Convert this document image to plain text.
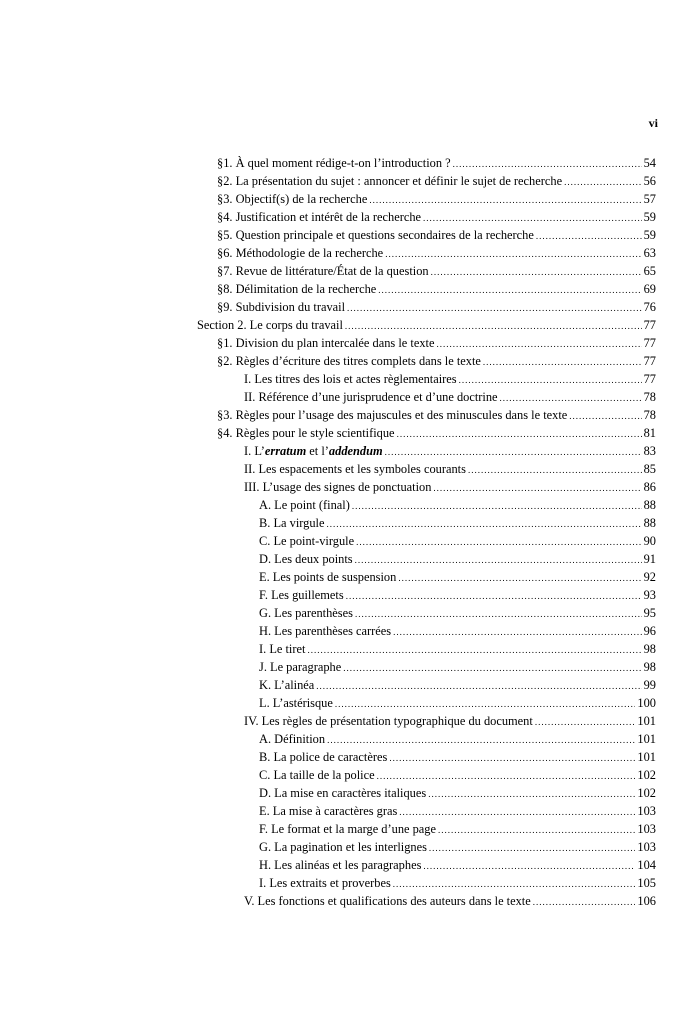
vi
§1. À quel moment rédige-t-on l’introduction ? .....	54
§2. La présentation du sujet : annoncer et définir le sujet de recherche .....	56
§3. Objectif(s) de la recherche .....	57
§4. Justification et intérêt de la recherche .....	59
§5. Question principale et questions secondaires de la recherche .....	59
§6. Méthodologie de la recherche .....	63
§7. Revue de littérature/État de la question .....	65
§8. Délimitation de la recherche .....	69
§9. Subdivision du travail .....	76
Section 2. Le corps du travail .....	77
§1. Division du plan intercalée dans le texte .....	77
§2. Règles d’écriture des titres complets dans le texte .....	77
I. Les titres des lois et actes règlementaires .....	77
II. Référence d’une jurisprudence et d’une doctrine .....	78
§3. Règles pour l’usage des majuscules et des minuscules dans le texte .....	78
§4. Règles pour le style scientifique .....	81
I. L’erratum et l’addendum .....	83
II. Les espacements et les symboles courants .....	85
III. L’usage des signes de ponctuation .....	86
A. Le point (final) .....	88
B. La virgule .....	88
C. Le point-virgule .....	90
D. Les deux points .....	91
E. Les points de suspension .....	92
F. Les guillemets .....	93
G. Les parenthèses .....	95
H. Les parenthèses carrées .....	96
I. Le tiret .....	98
J. Le paragraphe .....	98
K. L’alinéa .....	99
L. L’astérisque .....	100
IV. Les règles de présentation typographique du document .....	101
A. Définition .....	101
B. La police de caractères .....	101
C. La taille de la police .....	102
D. La mise en caractères italiques .....	102
E. La mise à caractères gras .....	103
F. Le format et la marge d’une page .....	103
G. La pagination et les interlignes .....	103
H. Les alinéas et les paragraphes .....	104
I. Les extraits et proverbes .....	105
V. Les fonctions et qualifications des auteurs dans le texte .....	106
